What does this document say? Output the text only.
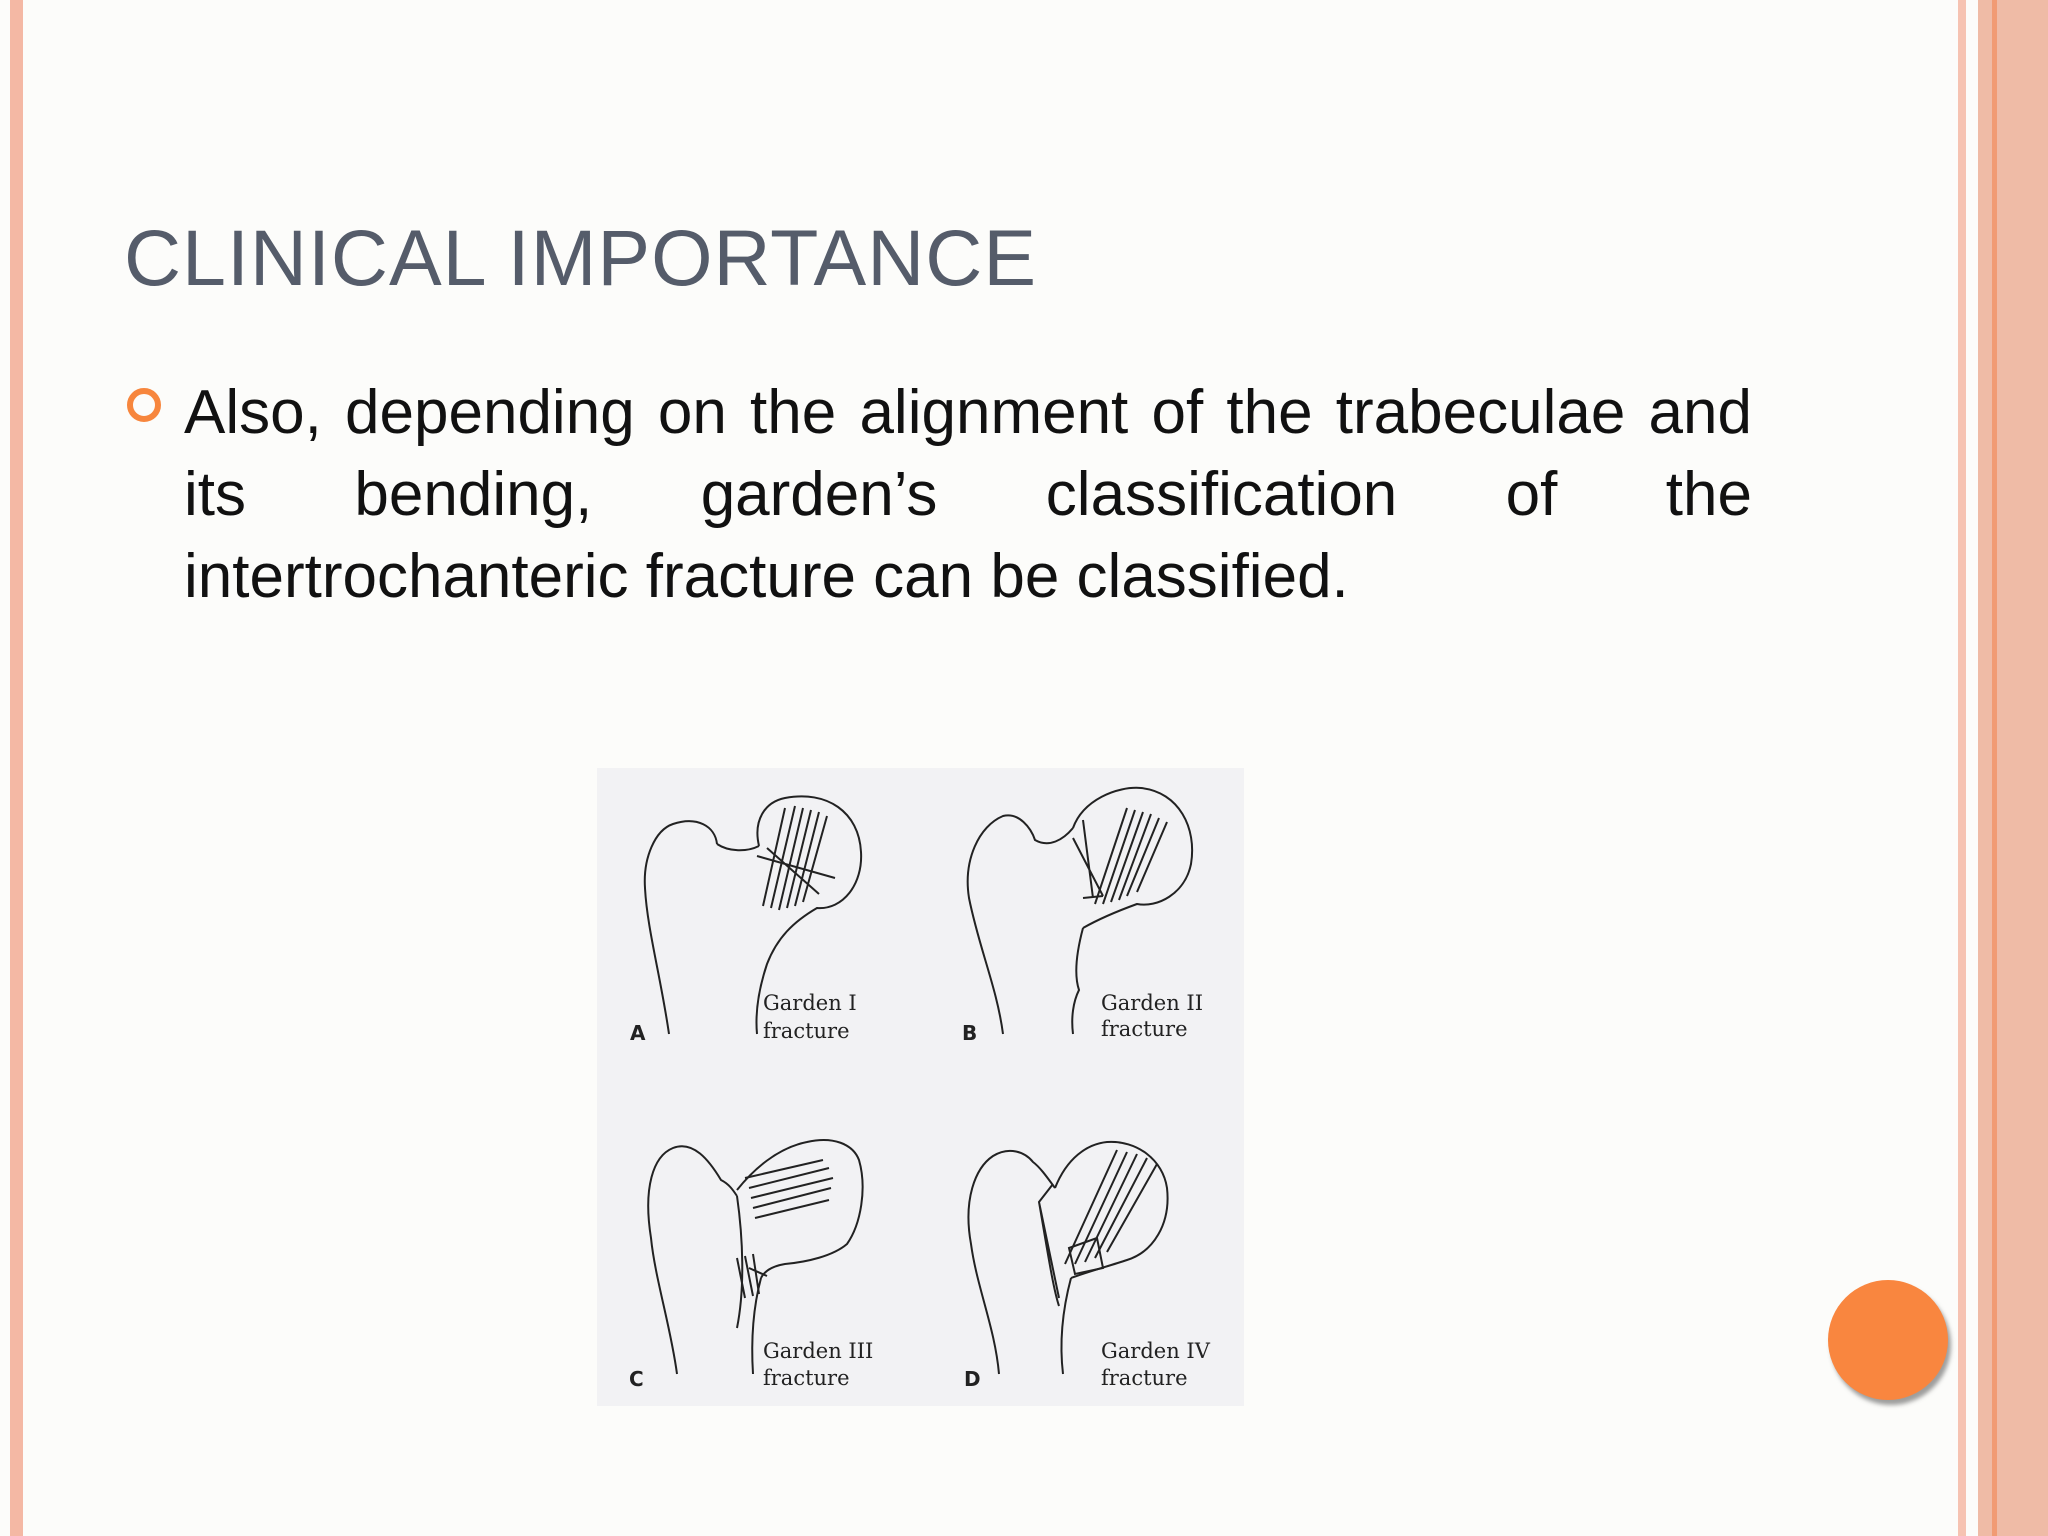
CLINICAL IMPORTANCE
Also, depending on the alignment of the trabeculae and its bending, garden’s classification of the intertrochanteric fracture can be classified.
A
Garden I
fracture	B
Garden II
fracture
C
Garden III
fracture	D
Garden IV
fracture
